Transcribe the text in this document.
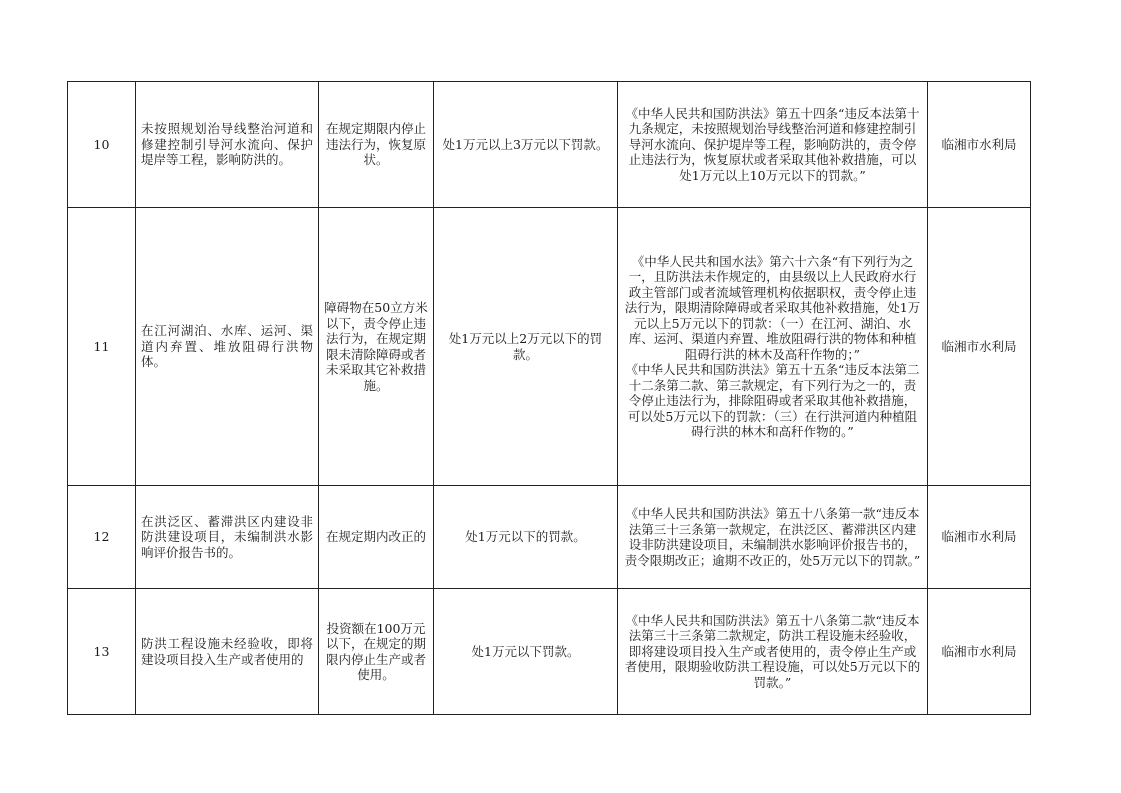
10	未按照规划治导线整治河道和修建控制引导河水流向、保护堤岸等工程，影响防洪的。	在规定期限内停止违法行为，恢复原状。	处1万元以上3万元以下罚款。	《中华人民共和国防洪法》第五十四条“违反本法第十九条规定，未按照规划治导线整治河道和修建控制引导河水流向、保护堤岸等工程，影响防洪的，责令停止违法行为，恢复原状或者采取其他补救措施，可以处1万元以上10万元以下的罚款。”	临湘市水利局
11	在江河湖泊、水库、运河、渠道内弃置、堆放阻碍行洪物体。	障碍物在50立方米以下，责令停止违法行为，在规定期限未清除障碍或者未采取其它补救措施。	处1万元以上2万元以下的罚款。	《中华人民共和国水法》第六十六条“有下列行为之一，且防洪法未作规定的，由县级以上人民政府水行政主管部门或者流域管理机构依据职权，责令停止违法行为，限期清除障碍或者采取其他补救措施，处1万元以上5万元以下的罚款：（一）在江河、湖泊、水库、运河、渠道内弃置、堆放阻碍行洪的物体和种植阻碍行洪的林木及高秆作物的；”
《中华人民共和国防洪法》第五十五条“违反本法第二十二条第二款、第三款规定，有下列行为之一的，责令停止违法行为，排除阻碍或者采取其他补救措施，可以处5万元以下的罚款：（三）在行洪河道内种植阻碍行洪的林木和高秆作物的。”	临湘市水利局
12	在洪泛区、蓄滞洪区内建设非防洪建设项目，未编制洪水影响评价报告书的。	在规定期内改正的	处1万元以下的罚款。	《中华人民共和国防洪法》第五十八条第一款“违反本法第三十三条第一款规定，在洪泛区、蓄滞洪区内建设非防洪建设项目，未编制洪水影响评价报告书的，责令限期改正；逾期不改正的，处5万元以下的罚款。”	临湘市水利局
13	防洪工程设施未经验收，即将建设项目投入生产或者使用的	投资额在100万元以下，在规定的期限内停止生产或者使用。	处1万元以下罚款。	《中华人民共和国防洪法》第五十八条第二款“违反本法第三十三条第二款规定，防洪工程设施未经验收，即将建设项目投入生产或者使用的，责令停止生产或者使用，限期验收防洪工程设施，可以处5万元以下的罚款。”	临湘市水利局
